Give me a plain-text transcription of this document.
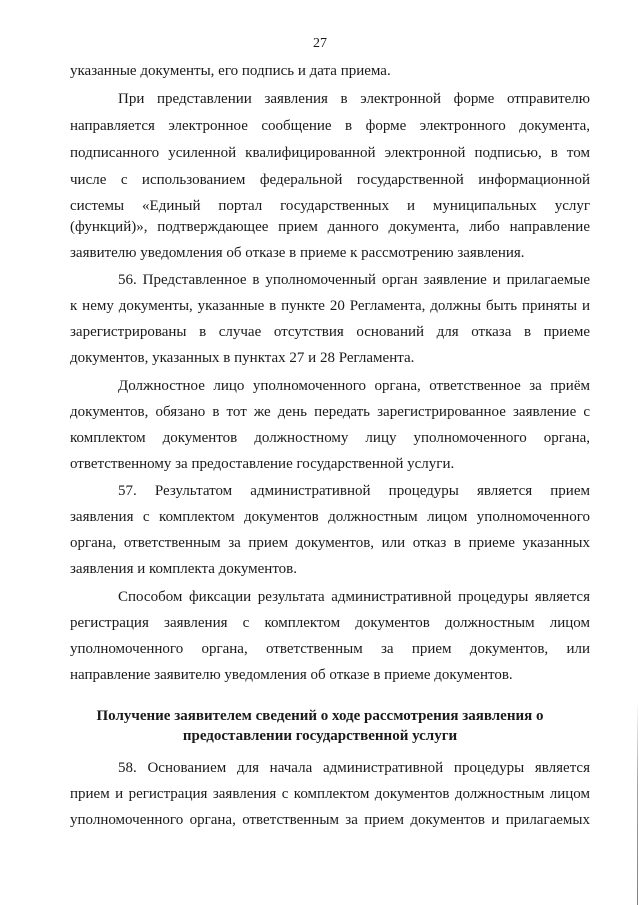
27
указанные документы, его подпись и дата приема.
При представлении заявления в электронной форме отправителю
направляется электронное сообщение в форме электронного документа,
подписанного усиленной квалифицированной электронной подписью, в том
числе с использованием федеральной государственной информационной
системы «Единый портал государственных и муниципальных услуг
(функций)», подтверждающее прием данного документа, либо направление
заявителю уведомления об отказе в приеме к рассмотрению заявления.
56. Представленное в уполномоченный орган заявление и прилагаемые
к нему документы, указанные в пункте 20 Регламента, должны быть приняты и
зарегистрированы в случае отсутствия оснований для отказа в приеме
документов, указанных в пунктах 27 и 28 Регламента.
Должностное лицо уполномоченного органа, ответственное за приём
документов, обязано в тот же день передать зарегистрированное заявление с
комплектом документов должностному лицу уполномоченного органа,
ответственному за предоставление государственной услуги.
57. Результатом административной процедуры является прием
заявления с комплектом документов должностным лицом уполномоченного
органа, ответственным за прием документов, или отказ в приеме указанных
заявления и комплекта документов.
Способом фиксации результата административной процедуры является
регистрация заявления с комплектом документов должностным лицом
уполномоченного органа, ответственным за прием документов, или
направление заявителю уведомления об отказе в приеме документов.
Получение заявителем сведений о ходе рассмотрения заявления о
предоставлении государственной услуги
58. Основанием для начала административной процедуры является
прием и регистрация заявления с комплектом документов должностным лицом
уполномоченного органа, ответственным за прием документов и прилагаемых
